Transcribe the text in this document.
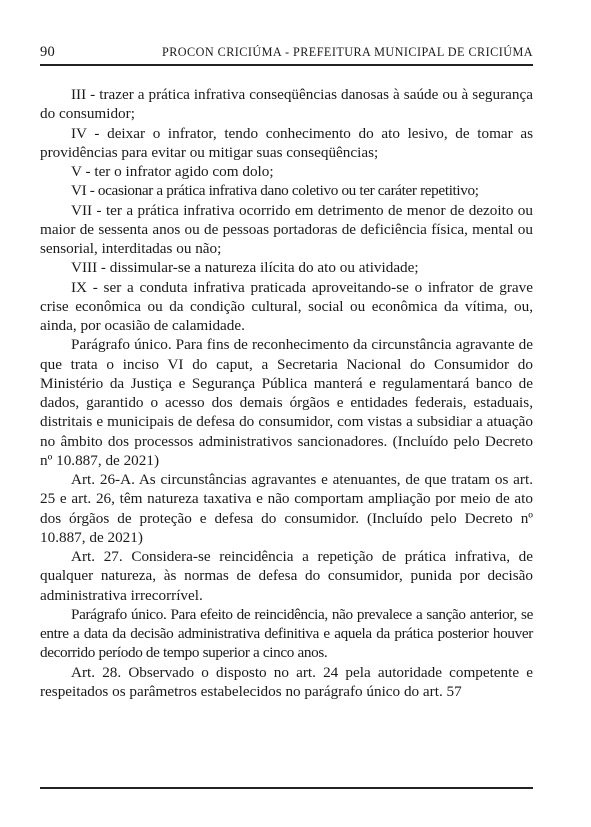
90	PROCON CRICIÚMA - PREFEITURA MUNICIPAL DE CRICIÚMA

III - trazer a prática infrativa conseqüências danosas à saúde ou à segurança do consumidor;

IV - deixar o infrator, tendo conhecimento do ato lesivo, de tomar as providências para evitar ou mitigar suas conseqüências;

V - ter o infrator agido com dolo;

VI - ocasionar a prática infrativa dano coletivo ou ter caráter repetitivo;

VII - ter a prática infrativa ocorrido em detrimento de menor de dezoito ou maior de sessenta anos ou de pessoas portadoras de deficiência física, mental ou sensorial, interditadas ou não;

VIII - dissimular-se a natureza ilícita do ato ou atividade;

IX - ser a conduta infrativa praticada aproveitando-se o infrator de grave crise econômica ou da condição cultural, social ou econômica da vítima, ou, ainda, por ocasião de calamidade.

Parágrafo único. Para fins de reconhecimento da circunstância agravante de que trata o inciso VI do caput, a Secretaria Nacional do Consumidor do Ministério da Justiça e Segurança Pública manterá e regulamentará banco de dados, garantido o acesso dos demais órgãos e entidades federais, estaduais, distritais e municipais de defesa do consumidor, com vistas a subsidiar a atuação no âmbito dos processos administrativos sancionadores. (Incluído pelo Decreto nº 10.887, de 2021)

Art. 26-A. As circunstâncias agravantes e atenuantes, de que tratam os art. 25 e art. 26, têm natureza taxativa e não comportam ampliação por meio de ato dos órgãos de proteção e defesa do consumidor. (Incluído pelo Decreto nº 10.887, de 2021)

Art. 27. Considera-se reincidência a repetição de prática infrativa, de qualquer natureza, às normas de defesa do consumidor, punida por decisão administrativa irrecorrível.

Parágrafo único. Para efeito de reincidência, não prevalece a sanção anterior, se entre a data da decisão administrativa definitiva e aquela da prática posterior houver decorrido período de tempo superior a cinco anos.

Art. 28. Observado o disposto no art. 24 pela autoridade competente e respeitados os parâmetros estabelecidos no parágrafo único do art. 57
